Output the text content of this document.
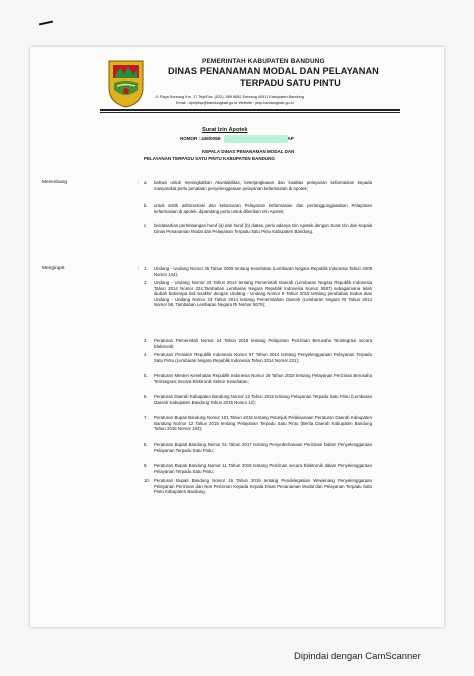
PEMERINTAH KABUPATEN BANDUNG
DINAS PENANAMAN MODAL DAN PELAYANAN
TERPADU SATU PINTU
Jl. Raya Soreang Km. 17 Telp/Fax. (022). 589 8682 Soreang 40911 Kabupaten Bandung
Email : dpmptsp@bandungkab.go.id Website : ptsp.bandungkab.go.id
Surat Izin Apotek
NOMOR : 449/0058-	AP
KEPALA DINAS PENANAMAN MODAL DAN
PELAYANAN TERPADU SATU PINTU KABUPATEN BANDUNG
Menimbang	: a. bahwa untuk meningkatkan Akuntabilitas, keterjangkauan dan kualitas pelayanan kefarmasian kepada masyarakat perlu penataan penyelenggaraan pelayanan kefarmasian di Apotek;
b. untuk tertib administrasi dan kelancaran Pelayanan kefarmasian dan pertanggungjawaban Pelayanan kefarmasian di apotek, dipandang perlu untuk diberikan Izin Apotek;
c. berdasarkan pertimbangan huruf (a) dan huruf (b) diatas, perlu adanya Izin Apotek dengan Surat Izin dari Kepala Dinas Penanaman Modal dan Pelayanan Terpadu Satu Pintu Kabupaten Bandung.
Mengingat	: 1. Undang - Undang Nomor 36 Tahun 2009 tentang Kesehatan (Lembaran Negara Republik Indonesia Tahun 2009 Nomor 144);
2. Undang - Undang Nomor 23 Tahun 2014 tentang Pemerintah Daerah (Lembaran Negara Republik Indonesia Tahun 2014 Nomor 224,Tambahan Lembaran Negara Republik Indonesia Nomor 5587) sebagaimana telah diubah beberapa kali terakhir dengan Undang - Undang Nomor 9 Tahun 2015 tentang perubahan kedua atas Undang - Undang Nomor 23 Tahun 2014 tentang Pemerintahan Daerah (Lembaran Negara RI Tahun 2014 Nomor 58, Tambahan Lembaran Negara RI Nomor 5679);
3. Peraturan Pemerintah Nomor 24 Tahun 2018 tentang Pelayanan Perizinan Berusaha Terintegrasi secara Elektronik;
4. Peraturan Presiden Republik Indonesia Nomor 97 Tahun 2014 tentang Penyelenggaraan Pelayanan Terpadu Satu Pintu (Lembaran Negara Republik Indonesia Tahun 2014 Nomor 221);
5. Peraturan Menteri Kesehatan Republik Indonesia Nomor 26 Tahun 2018 tentang Pelayanan Perizinan Berusaha Terintegrasi Secara Elektronik Sektor Kesehatan;
6. Peraturan Daerah Kabupaten Bandung Nomor 12 Tahun 2015 tentang Pelayanan Terpadu Satu Pintu (Lembaran Daerah Kabupaten Bandung Tahun 2015 Nomor 12);
7. Peraturan Bupati Bandung Nomor 101 Tahun 2016 tentang Petunjuk Pelaksanaan Peraturan Daerah Kabupaten Bandung Nomor 12 Tahun 2015 tentang Pelayanan Terpadu Satu Pintu (Berita Daerah Kabupaten Bandung Tahun 2016 Nomor 103);
8. Peraturan Bupati Bandung Nomor 51 Tahun 2017 tentang Penyederhanaan Perizinan Dalam Penyelenggaraan Pelayanan Terpadu Satu Pintu;
9. Peraturan Bupati Bandung Nomor 11 Tahun 2018 tentang Perizinan secara Elektronik dalam Penyelenggaraan Pelayanan Terpadu Satu Pintu;
10. Peraturan Bupati Bandung Nomor 16 Tahun 2019 tentang Pendelegasian Wewenang Penyelenggaraan Pelayanan Perizinan dan Non Perizinan Kepada Kepala Dinas Penanaman Modal dan Pelayanan Terpadu Satu Pintu Kabupaten Bandung.
Dipindai dengan CamScanner
